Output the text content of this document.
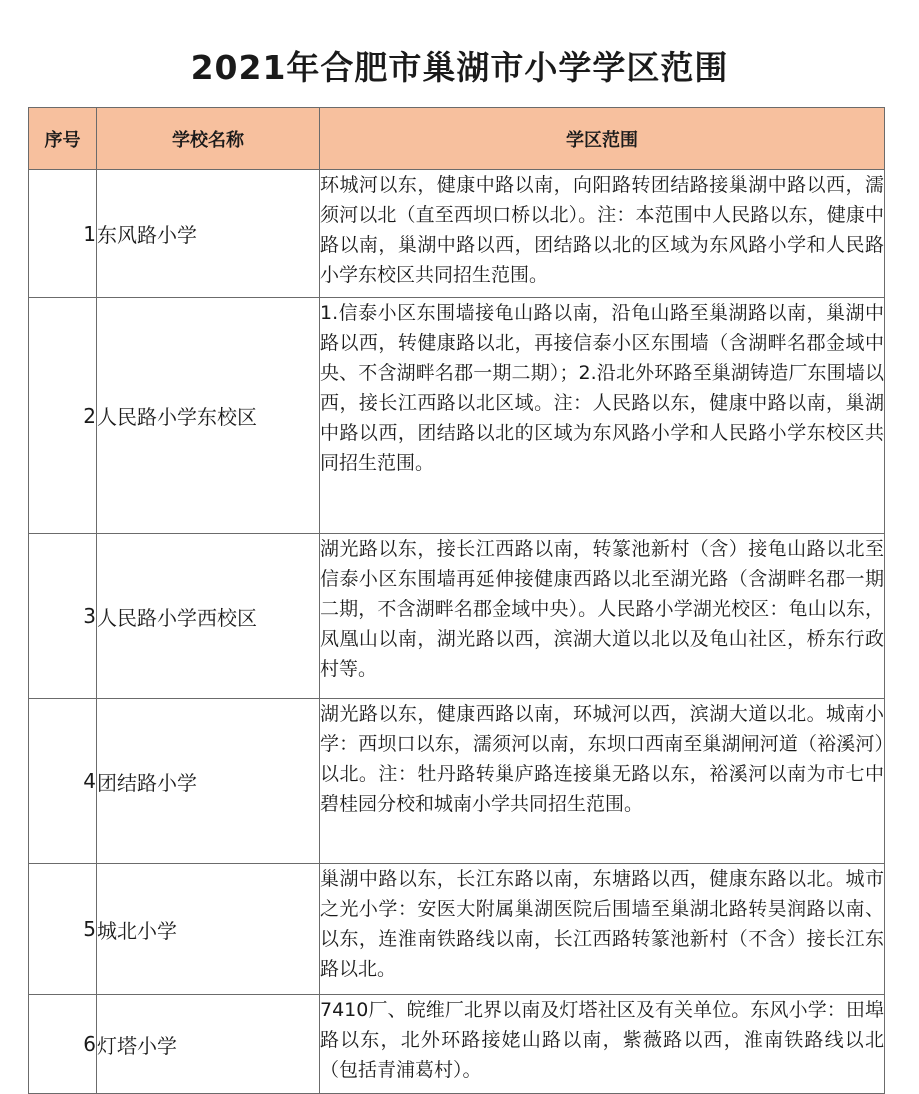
2021年合肥市巢湖市小学学区范围
序号	学校名称	学区范围
1	东风路小学	环城河以东，健康中路以南，向阳路转团结路接巢湖中路以西，濡须河以北（直至西坝口桥以北）。注：本范围中人民路以东，健康中路以南，巢湖中路以西，团结路以北的区域为东风路小学和人民路小学东校区共同招生范围。
2	人民路小学东校区	1.信泰小区东围墙接龟山路以南，沿龟山路至巢湖路以南，巢湖中路以西，转健康路以北，再接信泰小区东围墙（含湖畔名郡金域中央、不含湖畔名郡一期二期）；2.沿北外环路至巢湖铸造厂东围墙以西，接长江西路以北区域。注：人民路以东，健康中路以南，巢湖中路以西，团结路以北的区域为东风路小学和人民路小学东校区共同招生范围。
3	人民路小学西校区	湖光路以东，接长江西路以南，转篆池新村（含）接龟山路以北至信泰小区东围墙再延伸接健康西路以北至湖光路（含湖畔名郡一期二期，不含湖畔名郡金域中央）。人民路小学湖光校区：龟山以东，凤凰山以南，湖光路以西，滨湖大道以北以及龟山社区，桥东行政村等。
4	团结路小学	湖光路以东，健康西路以南，环城河以西，滨湖大道以北。城南小学：西坝口以东，濡须河以南，东坝口西南至巢湖闸河道（裕溪河）以北。注：牡丹路转巢庐路连接巢无路以东，裕溪河以南为市七中碧桂园分校和城南小学共同招生范围。
5	城北小学	巢湖中路以东，长江东路以南，东塘路以西，健康东路以北。城市之光小学：安医大附属巢湖医院后围墙至巢湖北路转昊润路以南、以东，连淮南铁路线以南，长江西路转篆池新村（不含）接长江东路以北。
6	灯塔小学	7410厂、皖维厂北界以南及灯塔社区及有关单位。东风小学：田埠路以东，北外环路接姥山路以南，紫薇路以西，淮南铁路线以北（包括青浦葛村）。
